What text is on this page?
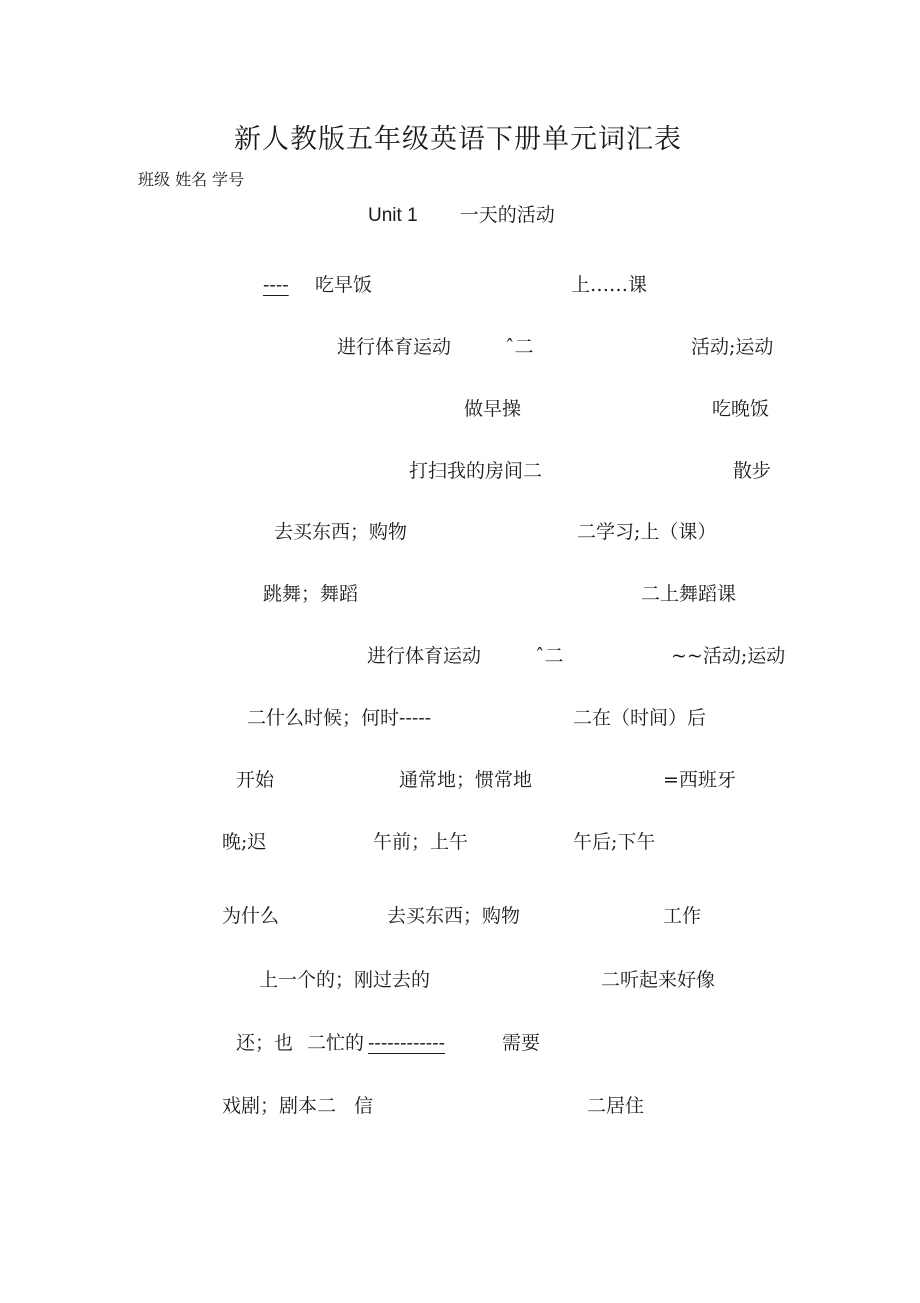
新人教版五年级英语下册单元词汇表
班级 姓名 学号
Unit 1 一天的活动
---- 吃早饭	上……课
进行体育运动	ˆ二	活动;运动
做早操	吃晚饭
打扫我的房间二	散步
去买东西；购物	二学习;上（课）
跳舞；舞蹈	二上舞蹈课
进行体育运动	ˆ二	~~活动;运动
二什么时候；何时-----	二在（时间）后
开始	通常地；惯常地	=西班牙
晚;迟	午前；上午	午后;下午
为什么	去买东西；购物	工作
上一个的；刚过去的	二听起来好像
还；也 二忙的 ------------	需要
戏剧；剧本二 信	二居住
